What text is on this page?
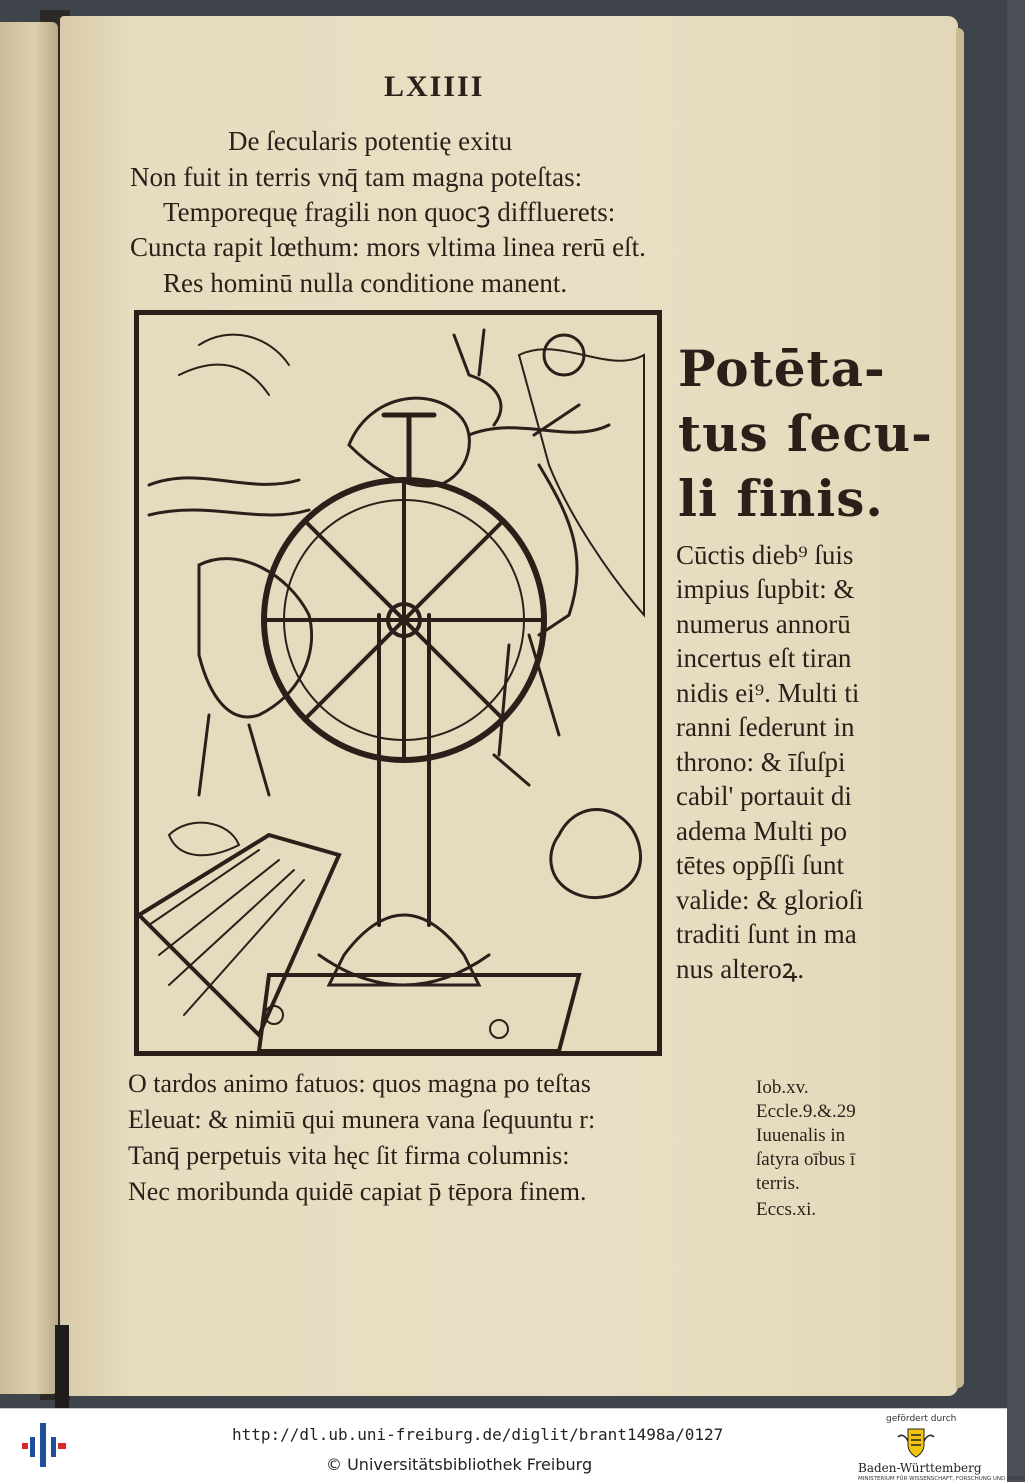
LXIIII
De ſecularis potentię exitu
Non fuit in terris vnq̄ tam magna poteſtas:
Temporequę fragili non quocꝫ diffluerets:
Cuncta rapit lœthum: mors vltima linea rerū eſt.
Res hominū nulla conditione manent.
Potēta-
tus ſecu-
li finis.
Cūctis dieb⁹ ſuis
impius ſupbit: &
numerus annorū
incertus eſt tiran
nidis ei⁹. Multi ti
ranni ſederunt in
throno: & īſuſpi
cabil' portauit di
adema Multi po
tētes opp̄ſſi ſunt
valide: & glorioſi
traditi ſunt in ma
nus alteroꝝ.
O tardos animo fatuos: quos magna po teſtas
Eleuat: & nimiū qui munera vana ſequuntu r:
Tanq̄ perpetuis vita hęc ſit firma columnis:
Nec moribunda quidē capiat p̄ tēpora finem.
Iob.xv.
Eccle.9.&.29
Iuuenalis in
ſatyra oībus ī
terris.
Eccs.xi.
http://dl.ub.uni-freiburg.de/diglit/brant1498a/0127
© Universitätsbibliothek Freiburg
gefördert durch
Baden-Württemberg
MINISTERIUM FÜR WISSENSCHAFT, FORSCHUNG UND KUNST
